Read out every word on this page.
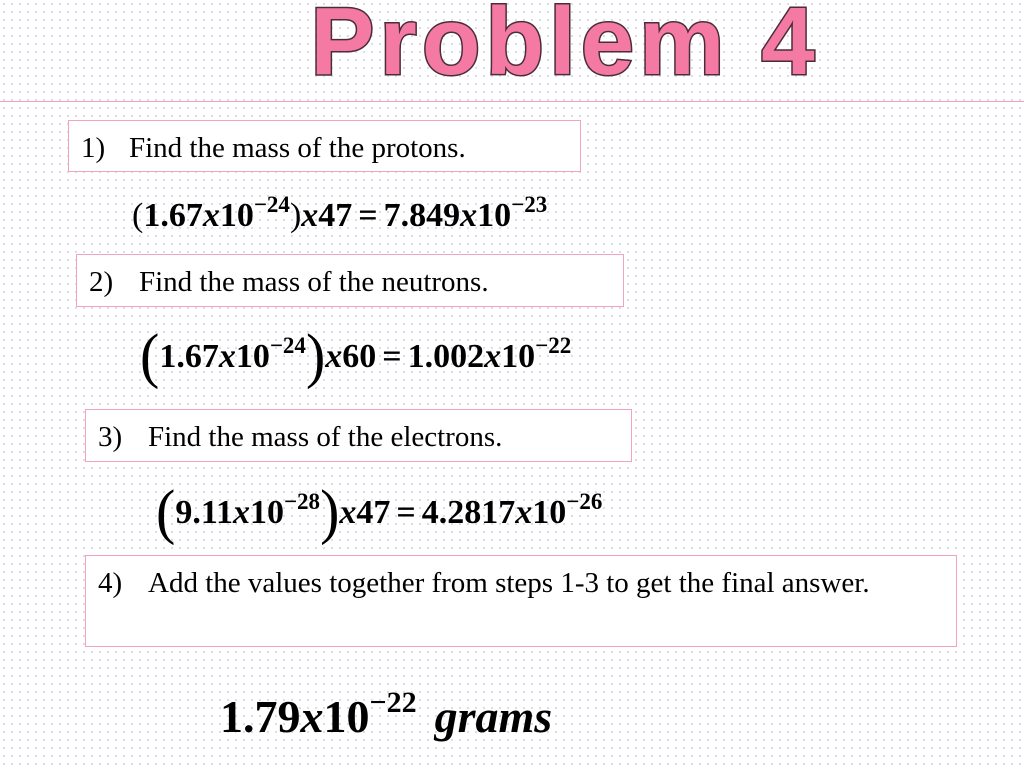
Problem 4
1) Find the mass of the protons.
$(1.67x10^{-24})x47 = 7.849x10^{-23}$
2) Find the mass of the neutrons.
$(1.67x10^{-24})x60 = 1.002x10^{-22}$
3) Find the mass of the electrons.
$(9.11x10^{-28})x47 = 4.2817x10^{-26}$
4) Add the values together from steps 1-3 to get the final answer.
$1.79x10^{-22}$ grams
